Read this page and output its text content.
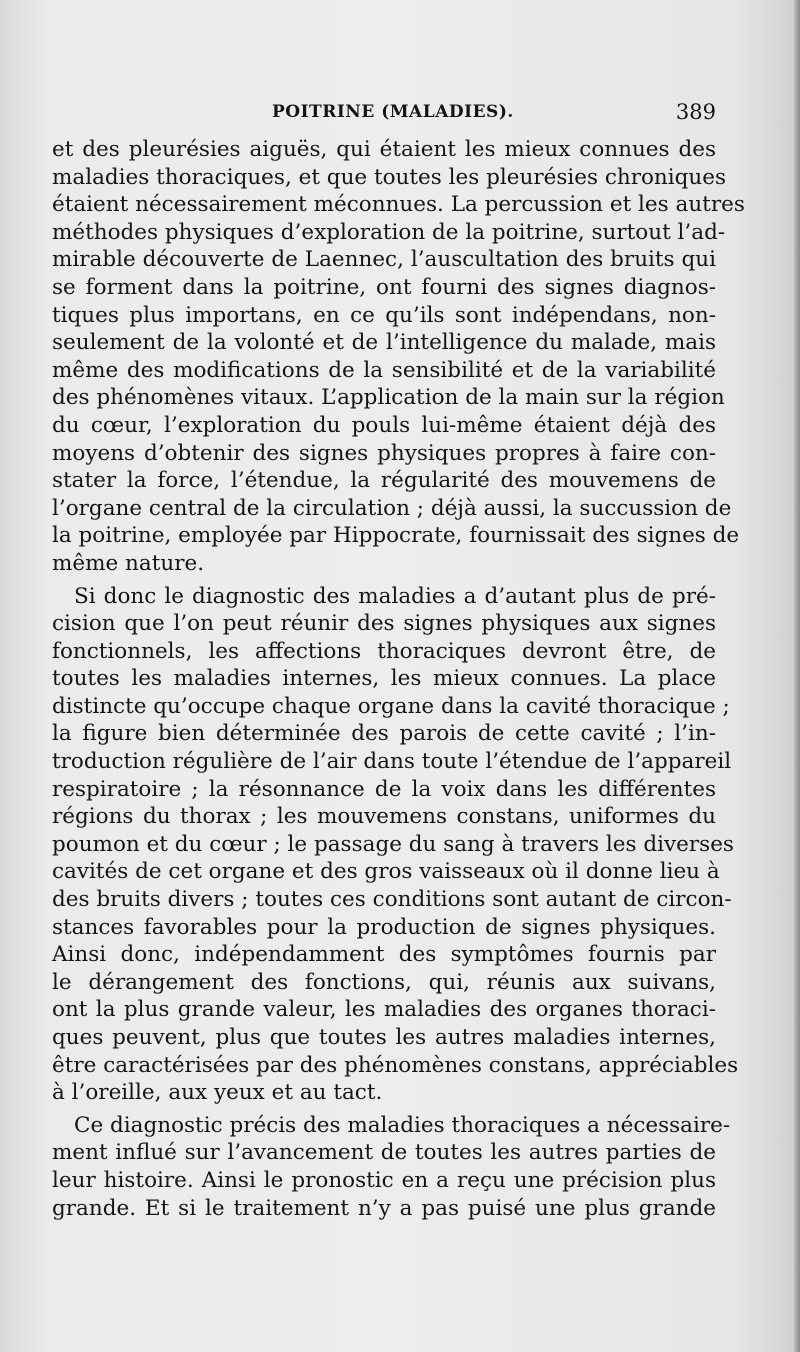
POITRINE (MALADIES).	389
et des pleurésies aiguës, qui étaient les mieux connues des
maladies thoraciques, et que toutes les pleurésies chroniques
étaient nécessairement méconnues. La percussion et les autres
méthodes physiques d’exploration de la poitrine, surtout l’ad-
mirable découverte de Laennec, l’auscultation des bruits qui
se forment dans la poitrine, ont fourni des signes diagnos-
tiques plus importans, en ce qu’ils sont indépendans, non-
seulement de la volonté et de l’intelligence du malade, mais
même des modifications de la sensibilité et de la variabilité
des phénomènes vitaux. L’application de la main sur la région
du cœur, l’exploration du pouls lui-même étaient déjà des
moyens d’obtenir des signes physiques propres à faire con-
stater la force, l’étendue, la régularité des mouvemens de
l’organe central de la circulation ; déjà aussi, la succussion de
la poitrine, employée par Hippocrate, fournissait des signes de
même nature.
Si donc le diagnostic des maladies a d’autant plus de pré-
cision que l’on peut réunir des signes physiques aux signes
fonctionnels, les affections thoraciques devront être, de
toutes les maladies internes, les mieux connues. La place
distincte qu’occupe chaque organe dans la cavité thoracique ;
la figure bien déterminée des parois de cette cavité ; l’in-
troduction régulière de l’air dans toute l’étendue de l’appareil
respiratoire ; la résonnance de la voix dans les différentes
régions du thorax ; les mouvemens constans, uniformes du
poumon et du cœur ; le passage du sang à travers les diverses
cavités de cet organe et des gros vaisseaux où il donne lieu à
des bruits divers ; toutes ces conditions sont autant de circon-
stances favorables pour la production de signes physiques.
Ainsi donc, indépendamment des symptômes fournis par
le dérangement des fonctions, qui, réunis aux suivans,
ont la plus grande valeur, les maladies des organes thoraci-
ques peuvent, plus que toutes les autres maladies internes,
être caractérisées par des phénomènes constans, appréciables
à l’oreille, aux yeux et au tact.
Ce diagnostic précis des maladies thoraciques a nécessaire-
ment influé sur l’avancement de toutes les autres parties de
leur histoire. Ainsi le pronostic en a reçu une précision plus
grande. Et si le traitement n’y a pas puisé une plus grande
